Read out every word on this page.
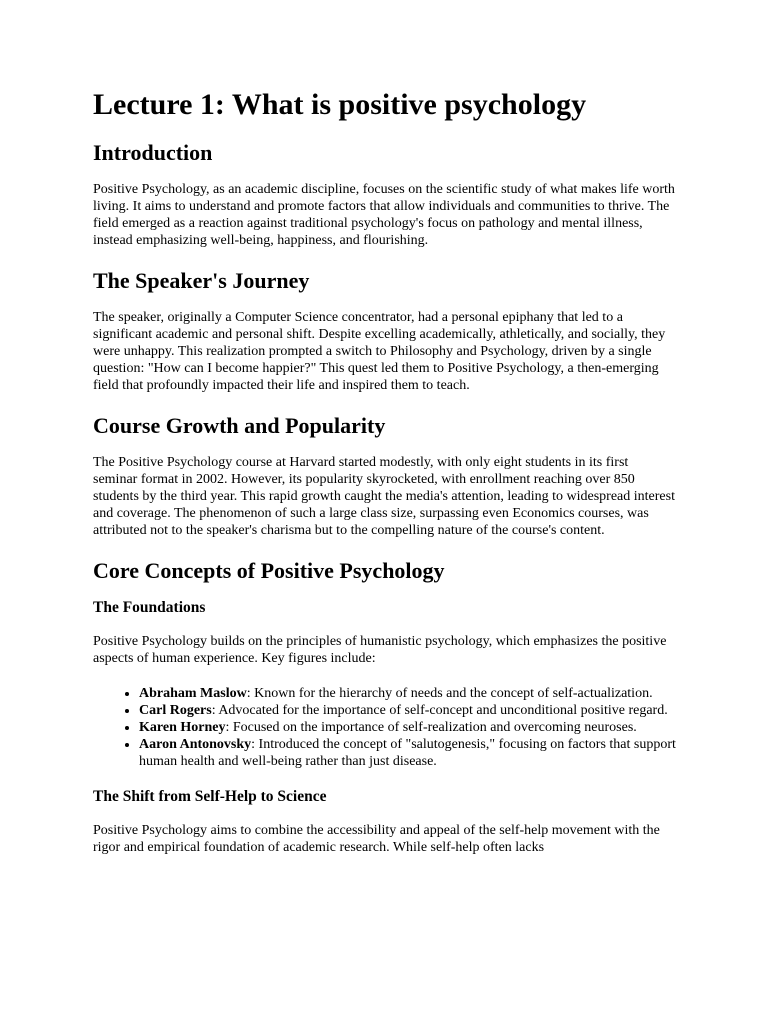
Lecture 1: What is positive psychology
Introduction

Positive Psychology, as an academic discipline, focuses on the scientific study of what makes life worth living. It aims to understand and promote factors that allow individuals and communities to thrive. The field emerged as a reaction against traditional psychology's focus on pathology and mental illness, instead emphasizing well-being, happiness, and flourishing.

The Speaker's Journey

The speaker, originally a Computer Science concentrator, had a personal epiphany that led to a significant academic and personal shift. Despite excelling academically, athletically, and socially, they were unhappy. This realization prompted a switch to Philosophy and Psychology, driven by a single question: "How can I become happier?" This quest led them to Positive Psychology, a then-emerging field that profoundly impacted their life and inspired them to teach.

Course Growth and Popularity

The Positive Psychology course at Harvard started modestly, with only eight students in its first seminar format in 2002. However, its popularity skyrocketed, with enrollment reaching over 850 students by the third year. This rapid growth caught the media's attention, leading to widespread interest and coverage. The phenomenon of such a large class size, surpassing even Economics courses, was attributed not to the speaker's charisma but to the compelling nature of the course's content.

Core Concepts of Positive Psychology
The Foundations

Positive Psychology builds on the principles of humanistic psychology, which emphasizes the positive aspects of human experience. Key figures include:

• Abraham Maslow: Known for the hierarchy of needs and the concept of self-actualization.
• Carl Rogers: Advocated for the importance of self-concept and unconditional positive regard.
• Karen Horney: Focused on the importance of self-realization and overcoming neuroses.
• Aaron Antonovsky: Introduced the concept of "salutogenesis," focusing on factors that support human health and well-being rather than just disease.
The Shift from Self-Help to Science

Positive Psychology aims to combine the accessibility and appeal of the self-help movement with the rigor and empirical foundation of academic research. While self-help often lacks
